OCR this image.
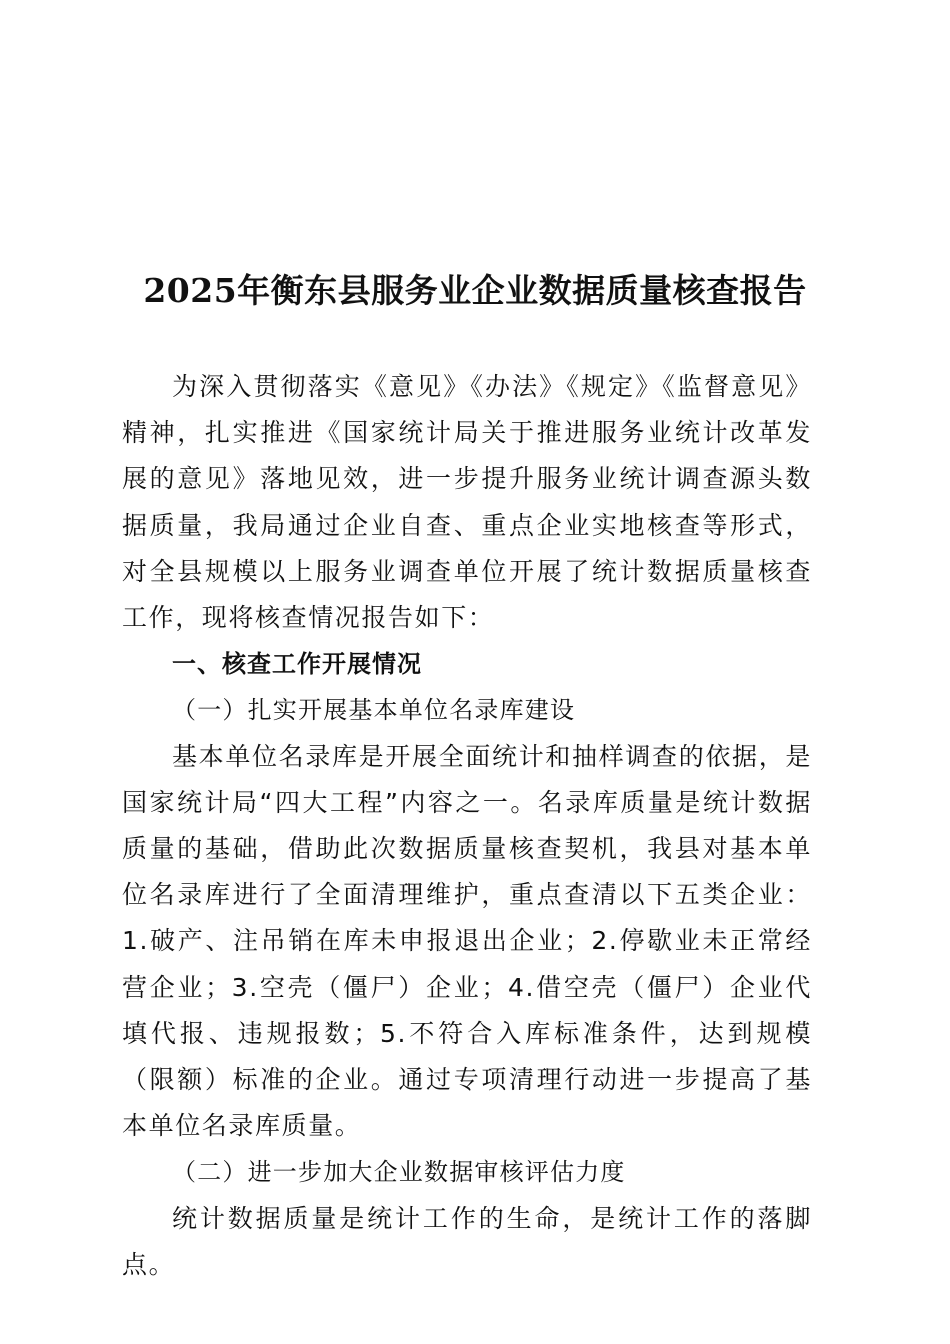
2025年衡东县服务业企业数据质量核查报告

为深入贯彻落实《意见》《办法》《规定》《监督意见》精神，扎实推进《国家统计局关于推进服务业统计改革发展的意见》落地见效，进一步提升服务业统计调查源头数据质量，我局通过企业自查、重点企业实地核查等形式，对全县规模以上服务业调查单位开展了统计数据质量核查工作，现将核查情况报告如下：

一、核查工作开展情况

（一）扎实开展基本单位名录库建设

基本单位名录库是开展全面统计和抽样调查的依据，是国家统计局“四大工程”内容之一。名录库质量是统计数据质量的基础，借助此次数据质量核查契机，我县对基本单位名录库进行了全面清理维护，重点查清以下五类企业：1.破产、注吊销在库未申报退出企业；2.停歇业未正常经营企业；3.空壳（僵尸）企业；4.借空壳（僵尸）企业代填代报、违规报数；5.不符合入库标准条件，达到规模（限额）标准的企业。通过专项清理行动进一步提高了基本单位名录库质量。

（二）进一步加大企业数据审核评估力度

统计数据质量是统计工作的生命，是统计工作的落脚点。
